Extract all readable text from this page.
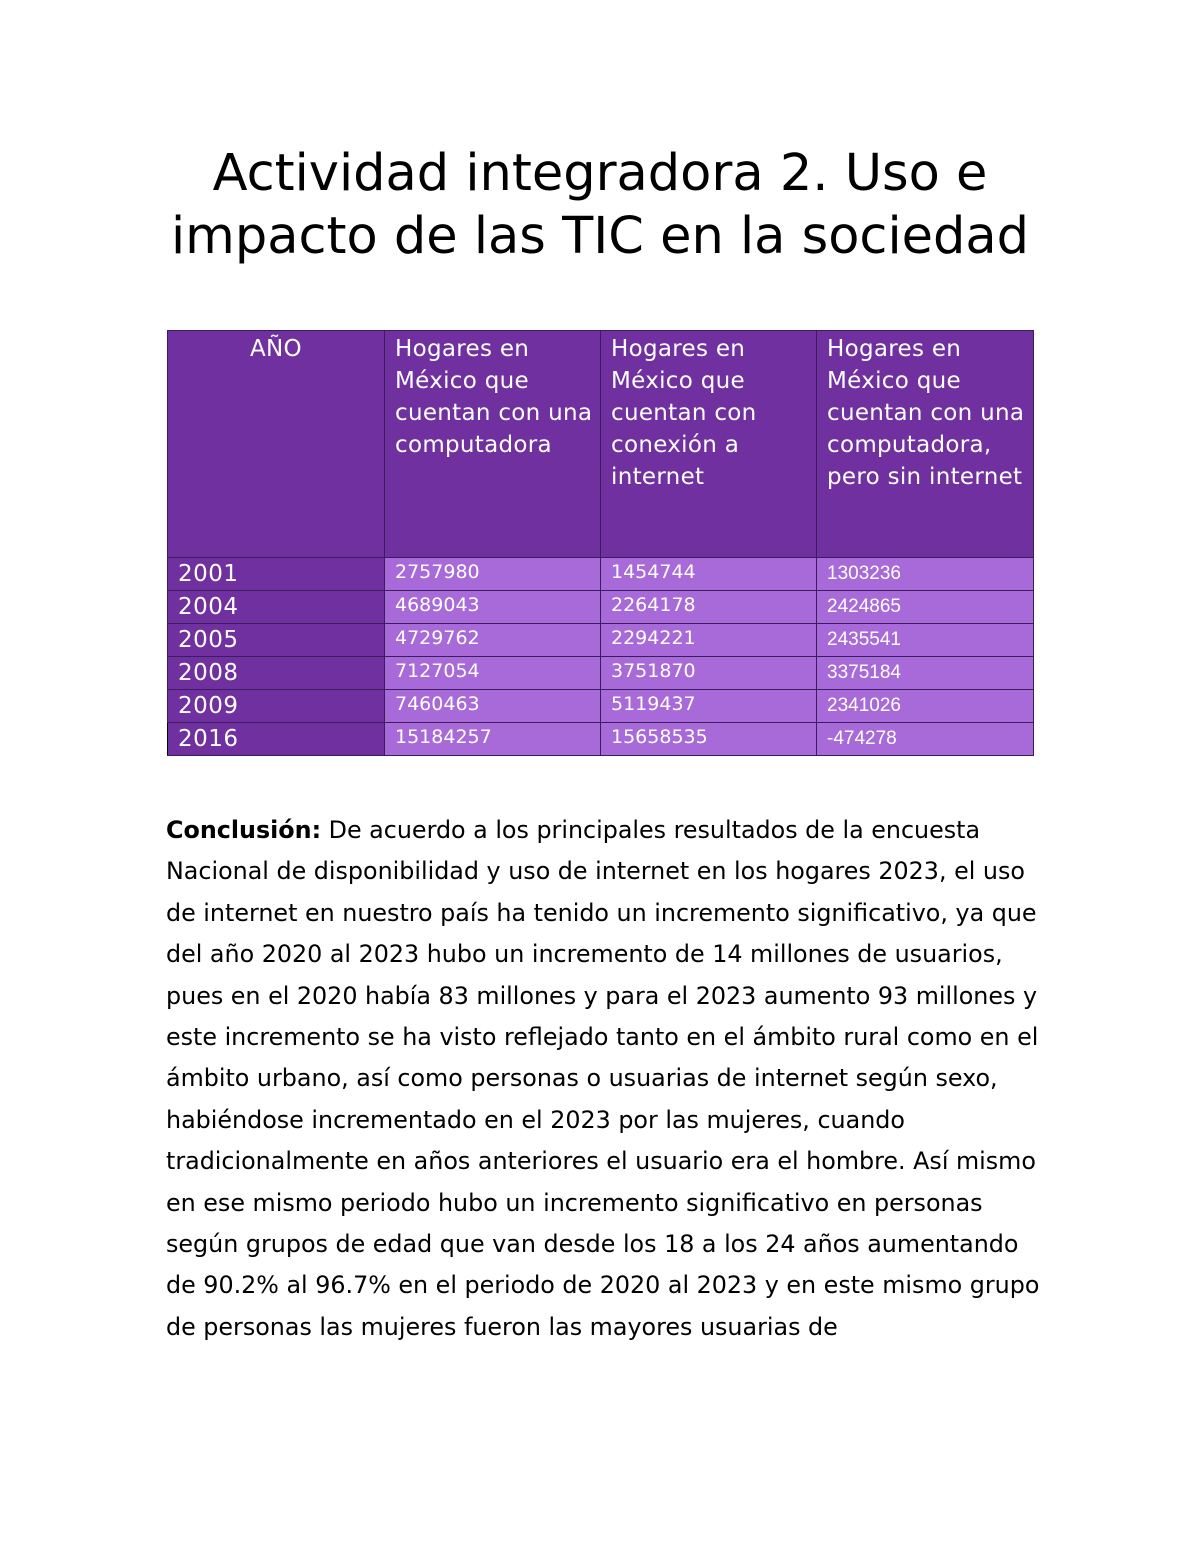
Actividad integradora 2. Uso e impacto de las TIC en la sociedad
AÑO	Hogares en México que cuentan con una computadora	Hogares en México que cuentan con conexión a internet	Hogares en México que cuentan con una computadora, pero sin internet
2001	2757980	1454744	1303236
2004	4689043	2264178	2424865
2005	4729762	2294221	2435541
2008	7127054	3751870	3375184
2009	7460463	5119437	2341026
2016	15184257	15658535	-474278

Conclusión: De acuerdo a los principales resultados de la encuesta Nacional de disponibilidad y uso de internet en los hogares 2023, el uso de internet en nuestro país ha tenido un incremento significativo, ya que del año 2020 al 2023 hubo un incremento de 14 millones de usuarios, pues en el 2020 había 83 millones y para el 2023 aumento 93 millones y este incremento se ha visto reflejado tanto en el ámbito rural como en el ámbito urbano, así como personas o usuarias de internet según sexo, habiéndose incrementado en el 2023 por las mujeres, cuando tradicionalmente en años anteriores el usuario era el hombre. Así mismo en ese mismo periodo hubo un incremento significativo en personas según grupos de edad que van desde los 18 a los 24 años aumentando de 90.2% al 96.7% en el periodo de 2020 al 2023 y en este mismo grupo de personas las mujeres fueron las mayores usuarias de
